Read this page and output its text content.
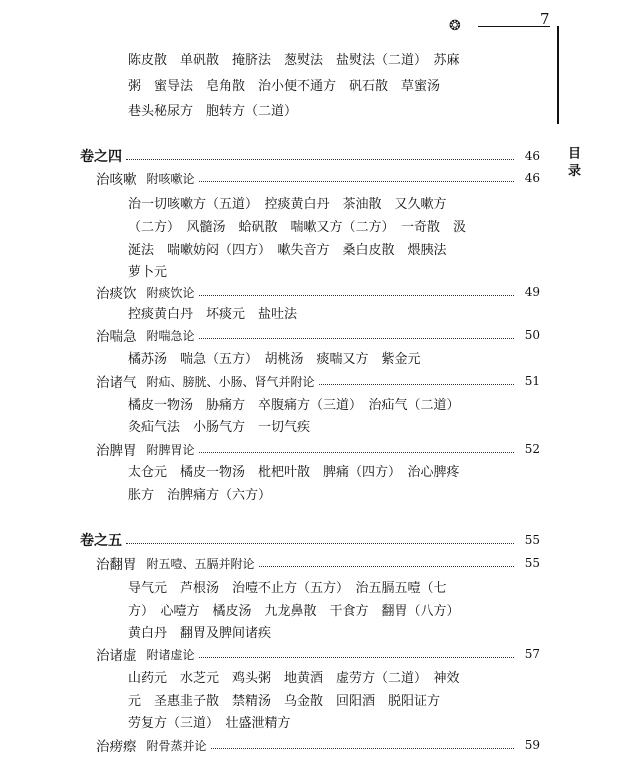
❂	7
目 录
陈皮散　单矾散　掩脐法　葱熨法　盐熨法（二道）　苏麻
粥　蜜导法　皂角散　治小便不通方　矾石散　草蜜汤
巷头秘尿方　胞转方（二道）
卷之四	46
治咳嗽 附咳嗽论	46
治一切咳嗽方（五道）　控痰黄白丹　茶油散　又久嗽方
（二方）　风髓汤　蛤矾散　喘嗽又方（二方）　一奇散　汲
涎法　喘嗽妨闷（四方）　嗽失音方　桑白皮散　煨胰法
萝卜元
治痰饮 附痰饮论	49
控痰黄白丹　坏痰元　盐吐法
治喘急 附喘急论	50
橘苏汤　喘急（五方）　胡桃汤　痰喘又方　紫金元
治诸气 附疝、膀胱、小肠、肾气并附论	51
橘皮一物汤　胁痛方　卒腹痛方（三道）　治疝气（二道）
灸疝气法　小肠气方　一切气疾
治脾胃 附脾胃论	52
太仓元　橘皮一物汤　枇杷叶散　脾痛（四方）　治心脾疼
胀方　治脾痛方（六方）
卷之五	55
治翻胃 附五噎、五膈并附论	55
导气元　芦根汤　治噎不止方（五方）　治五膈五噎（七
方）　心噎方　橘皮汤　九龙鼻散　干食方　翻胃（八方）
黄白丹　翻胃及脾间诸疾
治诸虚 附诸虚论	57
山药元　水芝元　鸡头粥　地黄酒　虚劳方（二道）　神效
元　圣惠韭子散　禁精汤　乌金散　回阳酒　脱阳证方
劳复方（三道）　壮盛泄精方
治痨瘵 附骨蒸并论	59
